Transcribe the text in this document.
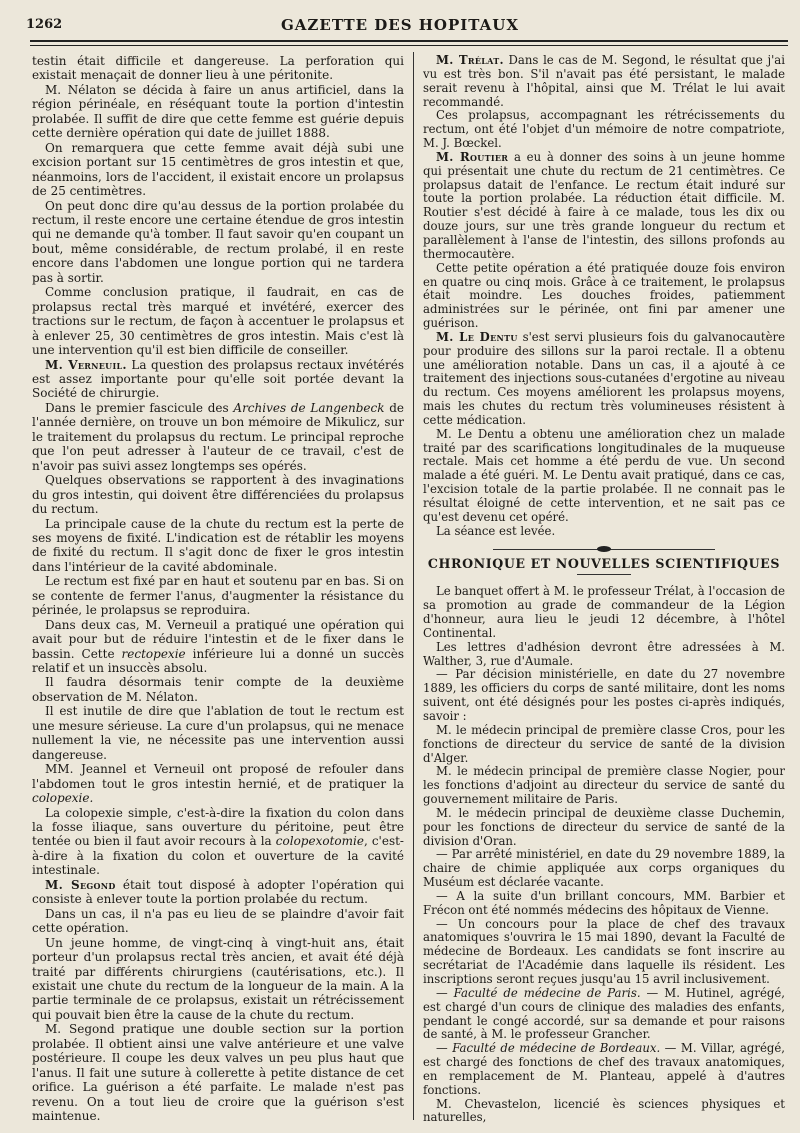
1262	GAZETTE DES HOPITAUX

testin était difficile et dangereuse. La perforation qui existait menaçait de donner lieu à une péritonite.

M. Nélaton se décida à faire un anus artificiel, dans la région périnéale, en réséquant toute la portion d'intestin prolabée. Il suffit de dire que cette femme est guérie depuis cette dernière opération qui date de juillet 1888.

On remarquera que cette femme avait déjà subi une excision portant sur 15 centimètres de gros intestin et que, néanmoins, lors de l'accident, il existait encore un prolapsus de 25 centimètres.

On peut donc dire qu'au dessus de la portion prolabée du rectum, il reste encore une certaine étendue de gros intestin qui ne demande qu'à tomber. Il faut savoir qu'en coupant un bout, même considérable, de rectum prolabé, il en reste encore dans l'abdomen une longue portion qui ne tardera pas à sortir.

Comme conclusion pratique, il faudrait, en cas de prolapsus rectal très marqué et invétéré, exercer des tractions sur le rectum, de façon à accentuer le prolapsus et à enlever 25, 30 centimètres de gros intestin. Mais c'est là une intervention qu'il est bien difficile de conseiller.

M. Verneuil. La question des prolapsus rectaux invétérés est assez importante pour qu'elle soit portée devant la Société de chirurgie.

Dans le premier fascicule des Archives de Langenbeck de l'année dernière, on trouve un bon mémoire de Mikulicz, sur le traitement du prolapsus du rectum. Le principal reproche que l'on peut adresser à l'auteur de ce travail, c'est de n'avoir pas suivi assez longtemps ses opérés.

Quelques observations se rapportent à des invaginations du gros intestin, qui doivent être différenciées du prolapsus du rectum.

La principale cause de la chute du rectum est la perte de ses moyens de fixité. L'indication est de rétablir les moyens de fixité du rectum. Il s'agit donc de fixer le gros intestin dans l'intérieur de la cavité abdominale.

Le rectum est fixé par en haut et soutenu par en bas. Si on se contente de fermer l'anus, d'augmenter la résistance du périnée, le prolapsus se reproduira.

Dans deux cas, M. Verneuil a pratiqué une opération qui avait pour but de réduire l'intestin et de le fixer dans le bassin. Cette rectopexie inférieure lui a donné un succès relatif et un insuccès absolu.

Il faudra désormais tenir compte de la deuxième observation de M. Nélaton.

Il est inutile de dire que l'ablation de tout le rectum est une mesure sérieuse. La cure d'un prolapsus, qui ne menace nullement la vie, ne nécessite pas une intervention aussi dangereuse.

MM. Jeannel et Verneuil ont proposé de refouler dans l'abdomen tout le gros intestin hernié, et de pratiquer la colopexie.

La colopexie simple, c'est-à-dire la fixation du colon dans la fosse iliaque, sans ouverture du péritoine, peut être tentée ou bien il faut avoir recours à la colopexotomie, c'est-à-dire à la fixation du colon et ouverture de la cavité intestinale.

M. Segond était tout disposé à adopter l'opération qui consiste à enlever toute la portion prolabée du rectum.

Dans un cas, il n'a pas eu lieu de se plaindre d'avoir fait cette opération.

Un jeune homme, de vingt-cinq à vingt-huit ans, était porteur d'un prolapsus rectal très ancien, et avait été déjà traité par différents chirurgiens (cautérisations, etc.). Il existait une chute du rectum de la longueur de la main. A la partie terminale de ce prolapsus, existait un rétrécissement qui pouvait bien être la cause de la chute du rectum.

M. Segond pratique une double section sur la portion prolabée. Il obtient ainsi une valve antérieure et une valve postérieure. Il coupe les deux valves un peu plus haut que l'anus. Il fait une suture à collerette à petite distance de cet orifice. La guérison a été parfaite. Le malade n'est pas revenu. On a tout lieu de croire que la guérison s'est maintenue.

M. Trélat. Dans le cas de M. Segond, le résultat que j'ai vu est très bon. S'il n'avait pas été persistant, le malade serait revenu à l'hôpital, ainsi que M. Trélat le lui avait recommandé.

Ces prolapsus, accompagnant les rétrécissements du rectum, ont été l'objet d'un mémoire de notre compatriote, M. J. Bœckel.

M. Routier a eu à donner des soins à un jeune homme qui présentait une chute du rectum de 21 centimètres. Ce prolapsus datait de l'enfance. Le rectum était induré sur toute la portion prolabée. La réduction était difficile. M. Routier s'est décidé à faire à ce malade, tous les dix ou douze jours, sur une très grande longueur du rectum et parallèlement à l'anse de l'intestin, des sillons profonds au thermocautère.

Cette petite opération a été pratiquée douze fois environ en quatre ou cinq mois. Grâce à ce traitement, le prolapsus était moindre. Les douches froides, patiemment administrées sur le périnée, ont fini par amener une guérison.

M. Le Dentu s'est servi plusieurs fois du galvanocautère pour produire des sillons sur la paroi rectale. Il a obtenu une amélioration notable. Dans un cas, il a ajouté à ce traitement des injections sous-cutanées d'ergotine au niveau du rectum. Ces moyens améliorent les prolapsus moyens, mais les chutes du rectum très volumineuses résistent à cette médication.

M. Le Dentu a obtenu une amélioration chez un malade traité par des scarifications longitudinales de la muqueuse rectale. Mais cet homme a été perdu de vue. Un second malade a été guéri. M. Le Dentu avait pratiqué, dans ce cas, l'excision totale de la partie prolabée. Il ne connait pas le résultat éloigné de cette intervention, et ne sait pas ce qu'est devenu cet opéré.

La séance est levée.

CHRONIQUE ET NOUVELLES SCIENTIFIQUES

Le banquet offert à M. le professeur Trélat, à l'occasion de sa promotion au grade de commandeur de la Légion d'honneur, aura lieu le jeudi 12 décembre, à l'hôtel Continental.

Les lettres d'adhésion devront être adressées à M. Walther, 3, rue d'Aumale.

— Par décision ministérielle, en date du 27 novembre 1889, les officiers du corps de santé militaire, dont les noms suivent, ont été désignés pour les postes ci-après indiqués, savoir :

M. le médecin principal de première classe Cros, pour les fonctions de directeur du service de santé de la division d'Alger.

M. le médecin principal de première classe Nogier, pour les fonctions d'adjoint au directeur du service de santé du gouvernement militaire de Paris.

M. le médecin principal de deuxième classe Duchemin, pour les fonctions de directeur du service de santé de la division d'Oran.

— Par arrêté ministériel, en date du 29 novembre 1889, la chaire de chimie appliquée aux corps organiques du Muséum est déclarée vacante.

— A la suite d'un brillant concours, MM. Barbier et Frécon ont été nommés médecins des hôpitaux de Vienne.

— Un concours pour la place de chef des travaux anatomiques s'ouvrira le 15 mai 1890, devant la Faculté de médecine de Bordeaux. Les candidats se font inscrire au secrétariat de l'Académie dans laquelle ils résident. Les inscriptions seront reçues jusqu'au 15 avril inclusivement.

— Faculté de médecine de Paris. — M. Hutinel, agrégé, est chargé d'un cours de clinique des maladies des enfants, pendant le congé accordé, sur sa demande et pour raisons de santé, à M. le professeur Grancher.

— Faculté de médecine de Bordeaux. — M. Villar, agrégé, est chargé des fonctions de chef des travaux anatomiques, en remplacement de M. Planteau, appelé à d'autres fonctions.

M. Chevastelon, licencié ès sciences physiques et naturelles,
